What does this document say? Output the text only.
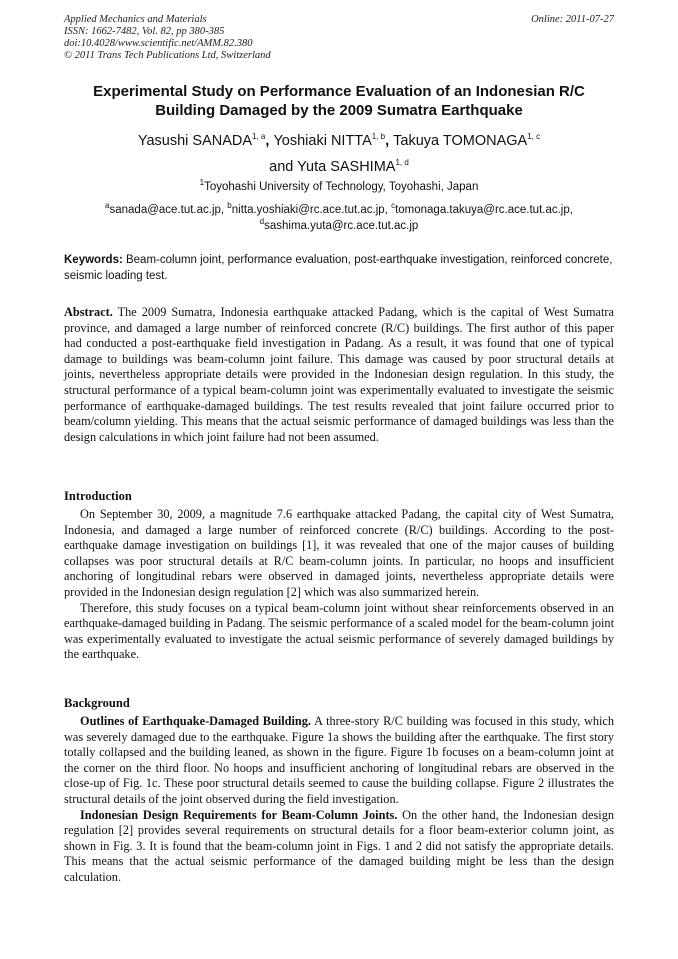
Applied Mechanics and Materials
ISSN: 1662-7482, Vol. 82, pp 380-385
doi:10.4028/www.scientific.net/AMM.82.380
© 2011 Trans Tech Publications Ltd, Switzerland
Online: 2011-07-27
Experimental Study on Performance Evaluation of an Indonesian R/C
Building Damaged by the 2009 Sumatra Earthquake
Yasushi SANADA$^{1, a}$, Yoshiaki NITTA$^{1, b}$, Takuya TOMONAGA$^{1, c}$
and Yuta SASHIMA$^{1, d}$
$^1$Toyohashi University of Technology, Toyohashi, Japan
$^a$sanada@ace.tut.ac.jp, $^b$nitta.yoshiaki@rc.ace.tut.ac.jp, $^c$tomonaga.takuya@rc.ace.tut.ac.jp,
$^d$sashima.yuta@rc.ace.tut.ac.jp
Keywords: Beam-column joint, performance evaluation, post-earthquake investigation, reinforced concrete, seismic loading test.

Abstract. The 2009 Sumatra, Indonesia earthquake attacked Padang, which is the capital of West Sumatra province, and damaged a large number of reinforced concrete (R/C) buildings. The first author of this paper had conducted a post-earthquake field investigation in Padang. As a result, it was found that one of typical damage to buildings was beam-column joint failure. This damage was caused by poor structural details at joints, nevertheless appropriate details were provided in the Indonesian design regulation. In this study, the structural performance of a typical beam-column joint was experimentally evaluated to investigate the seismic performance of earthquake-damaged buildings. The test results revealed that joint failure occurred prior to beam/column yielding. This means that the actual seismic performance of damaged buildings was less than the design calculations in which joint failure had not been assumed.

Introduction

On September 30, 2009, a magnitude 7.6 earthquake attacked Padang, the capital city of West Sumatra, Indonesia, and damaged a large number of reinforced concrete (R/C) buildings. According to the post-earthquake damage investigation on buildings [1], it was revealed that one of the major causes of building collapses was poor structural details at R/C beam-column joints. In particular, no hoops and insufficient anchoring of longitudinal rebars were observed in damaged joints, nevertheless appropriate details were provided in the Indonesian design regulation [2] which was also summarized herein.

Therefore, this study focuses on a typical beam-column joint without shear reinforcements observed in an earthquake-damaged building in Padang. The seismic performance of a scaled model for the beam-column joint was experimentally evaluated to investigate the actual seismic performance of severely damaged buildings by the earthquake.

Background

Outlines of Earthquake-Damaged Building. A three-story R/C building was focused in this study, which was severely damaged due to the earthquake. Figure 1a shows the building after the earthquake. The first story totally collapsed and the building leaned, as shown in the figure. Figure 1b focuses on a beam-column joint at the corner on the third floor. No hoops and insufficient anchoring of longitudinal rebars are observed in the close-up of Fig. 1c. These poor structural details seemed to cause the building collapse. Figure 2 illustrates the structural details of the joint observed during the field investigation.

Indonesian Design Requirements for Beam-Column Joints. On the other hand, the Indonesian design regulation [2] provides several requirements on structural details for a floor beam-exterior column joint, as shown in Fig. 3. It is found that the beam-column joint in Figs. 1 and 2 did not satisfy the appropriate details. This means that the actual seismic performance of the damaged building might be less than the design calculation.
